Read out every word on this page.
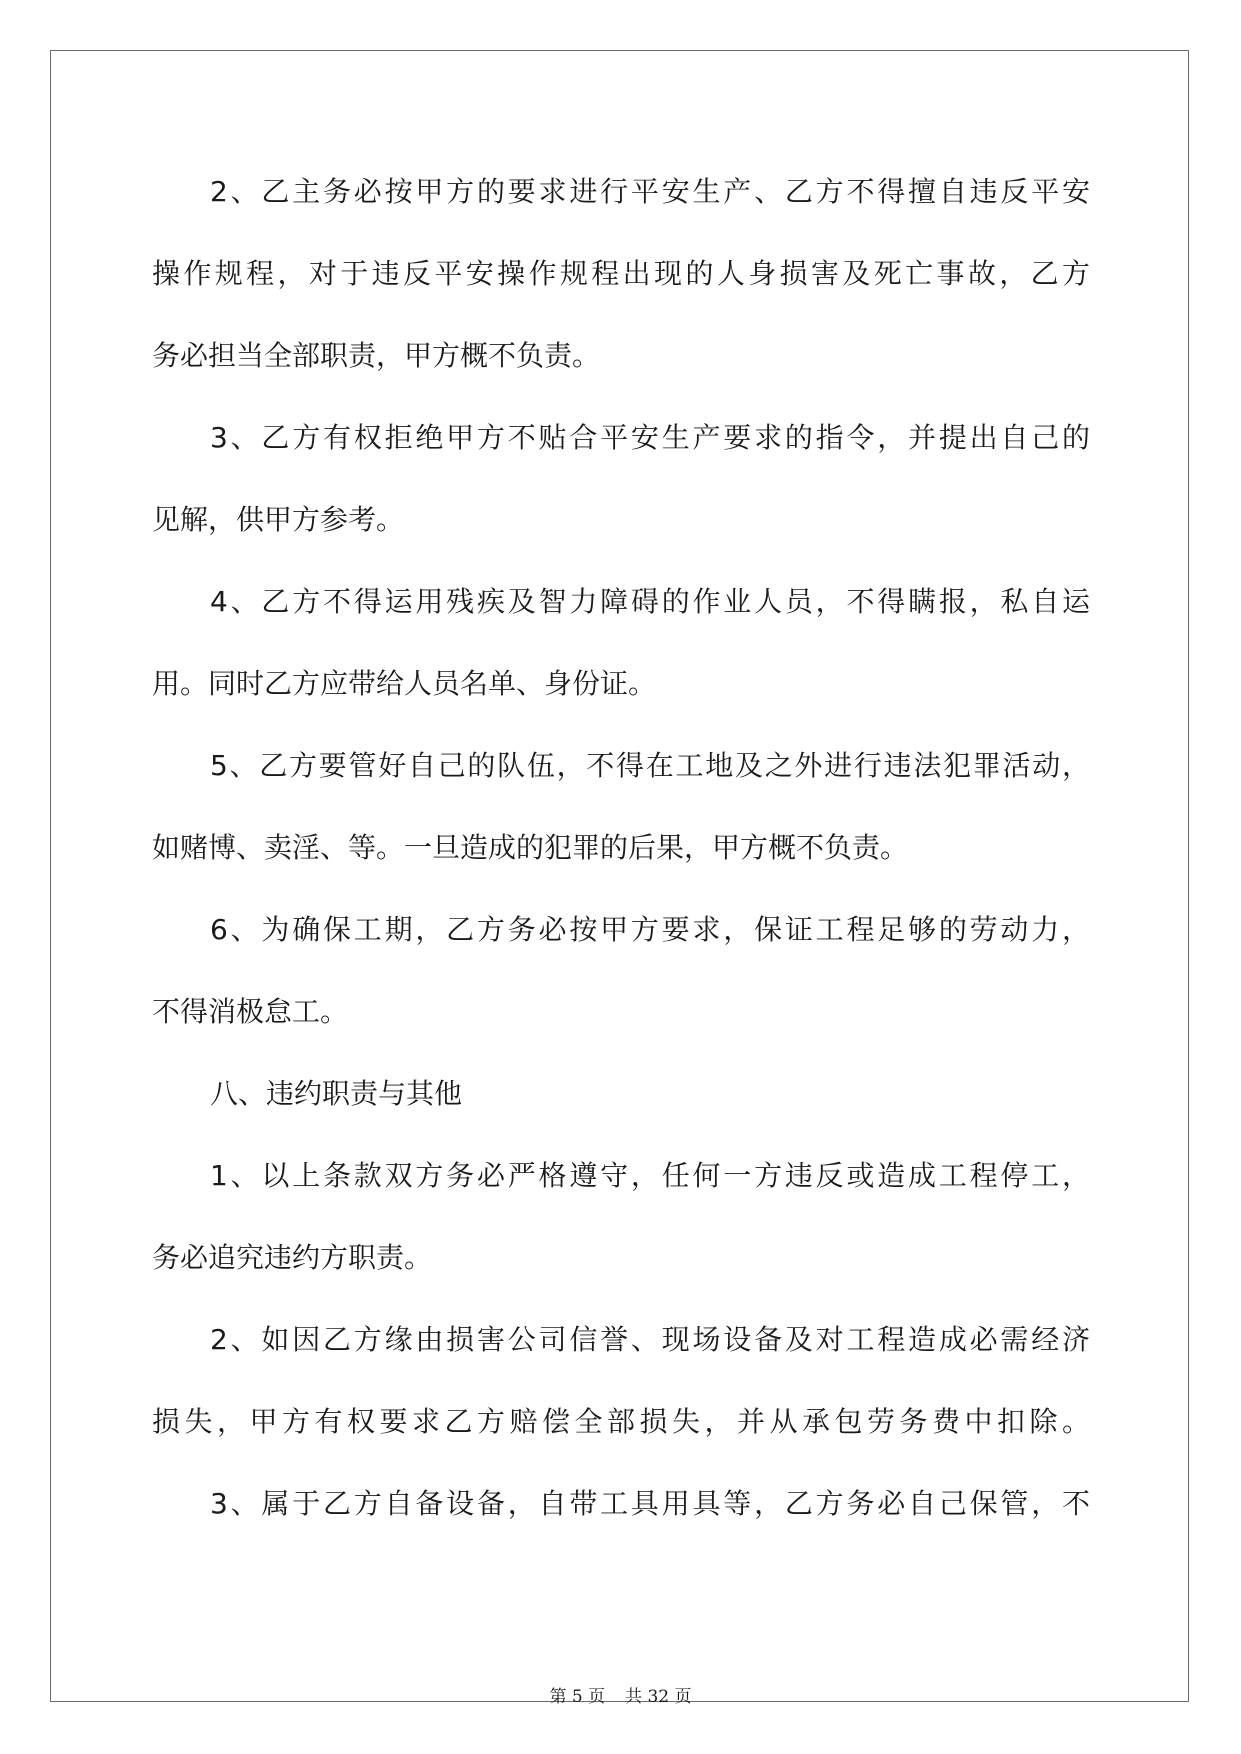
2、乙主务必按甲方的要求进行平安生产、乙方不得擅自违反平安
操作规程，对于违反平安操作规程出现的人身损害及死亡事故，乙方
务必担当全部职责，甲方概不负责。
3、乙方有权拒绝甲方不贴合平安生产要求的指令，并提出自己的
见解，供甲方参考。
4、乙方不得运用残疾及智力障碍的作业人员，不得瞒报，私自运
用。同时乙方应带给人员名单、身份证。
5、乙方要管好自己的队伍，不得在工地及之外进行违法犯罪活动，
如赌博、卖淫、等。一旦造成的犯罪的后果，甲方概不负责。
6、为确保工期，乙方务必按甲方要求，保证工程足够的劳动力，
不得消极怠工。
八、违约职责与其他
1、以上条款双方务必严格遵守，任何一方违反或造成工程停工，
务必追究违约方职责。
2、如因乙方缘由损害公司信誉、现场设备及对工程造成必需经济
损失，甲方有权要求乙方赔偿全部损失，并从承包劳务费中扣除。
3、属于乙方自备设备，自带工具用具等，乙方务必自己保管，不
第 5 页 共 32 页
